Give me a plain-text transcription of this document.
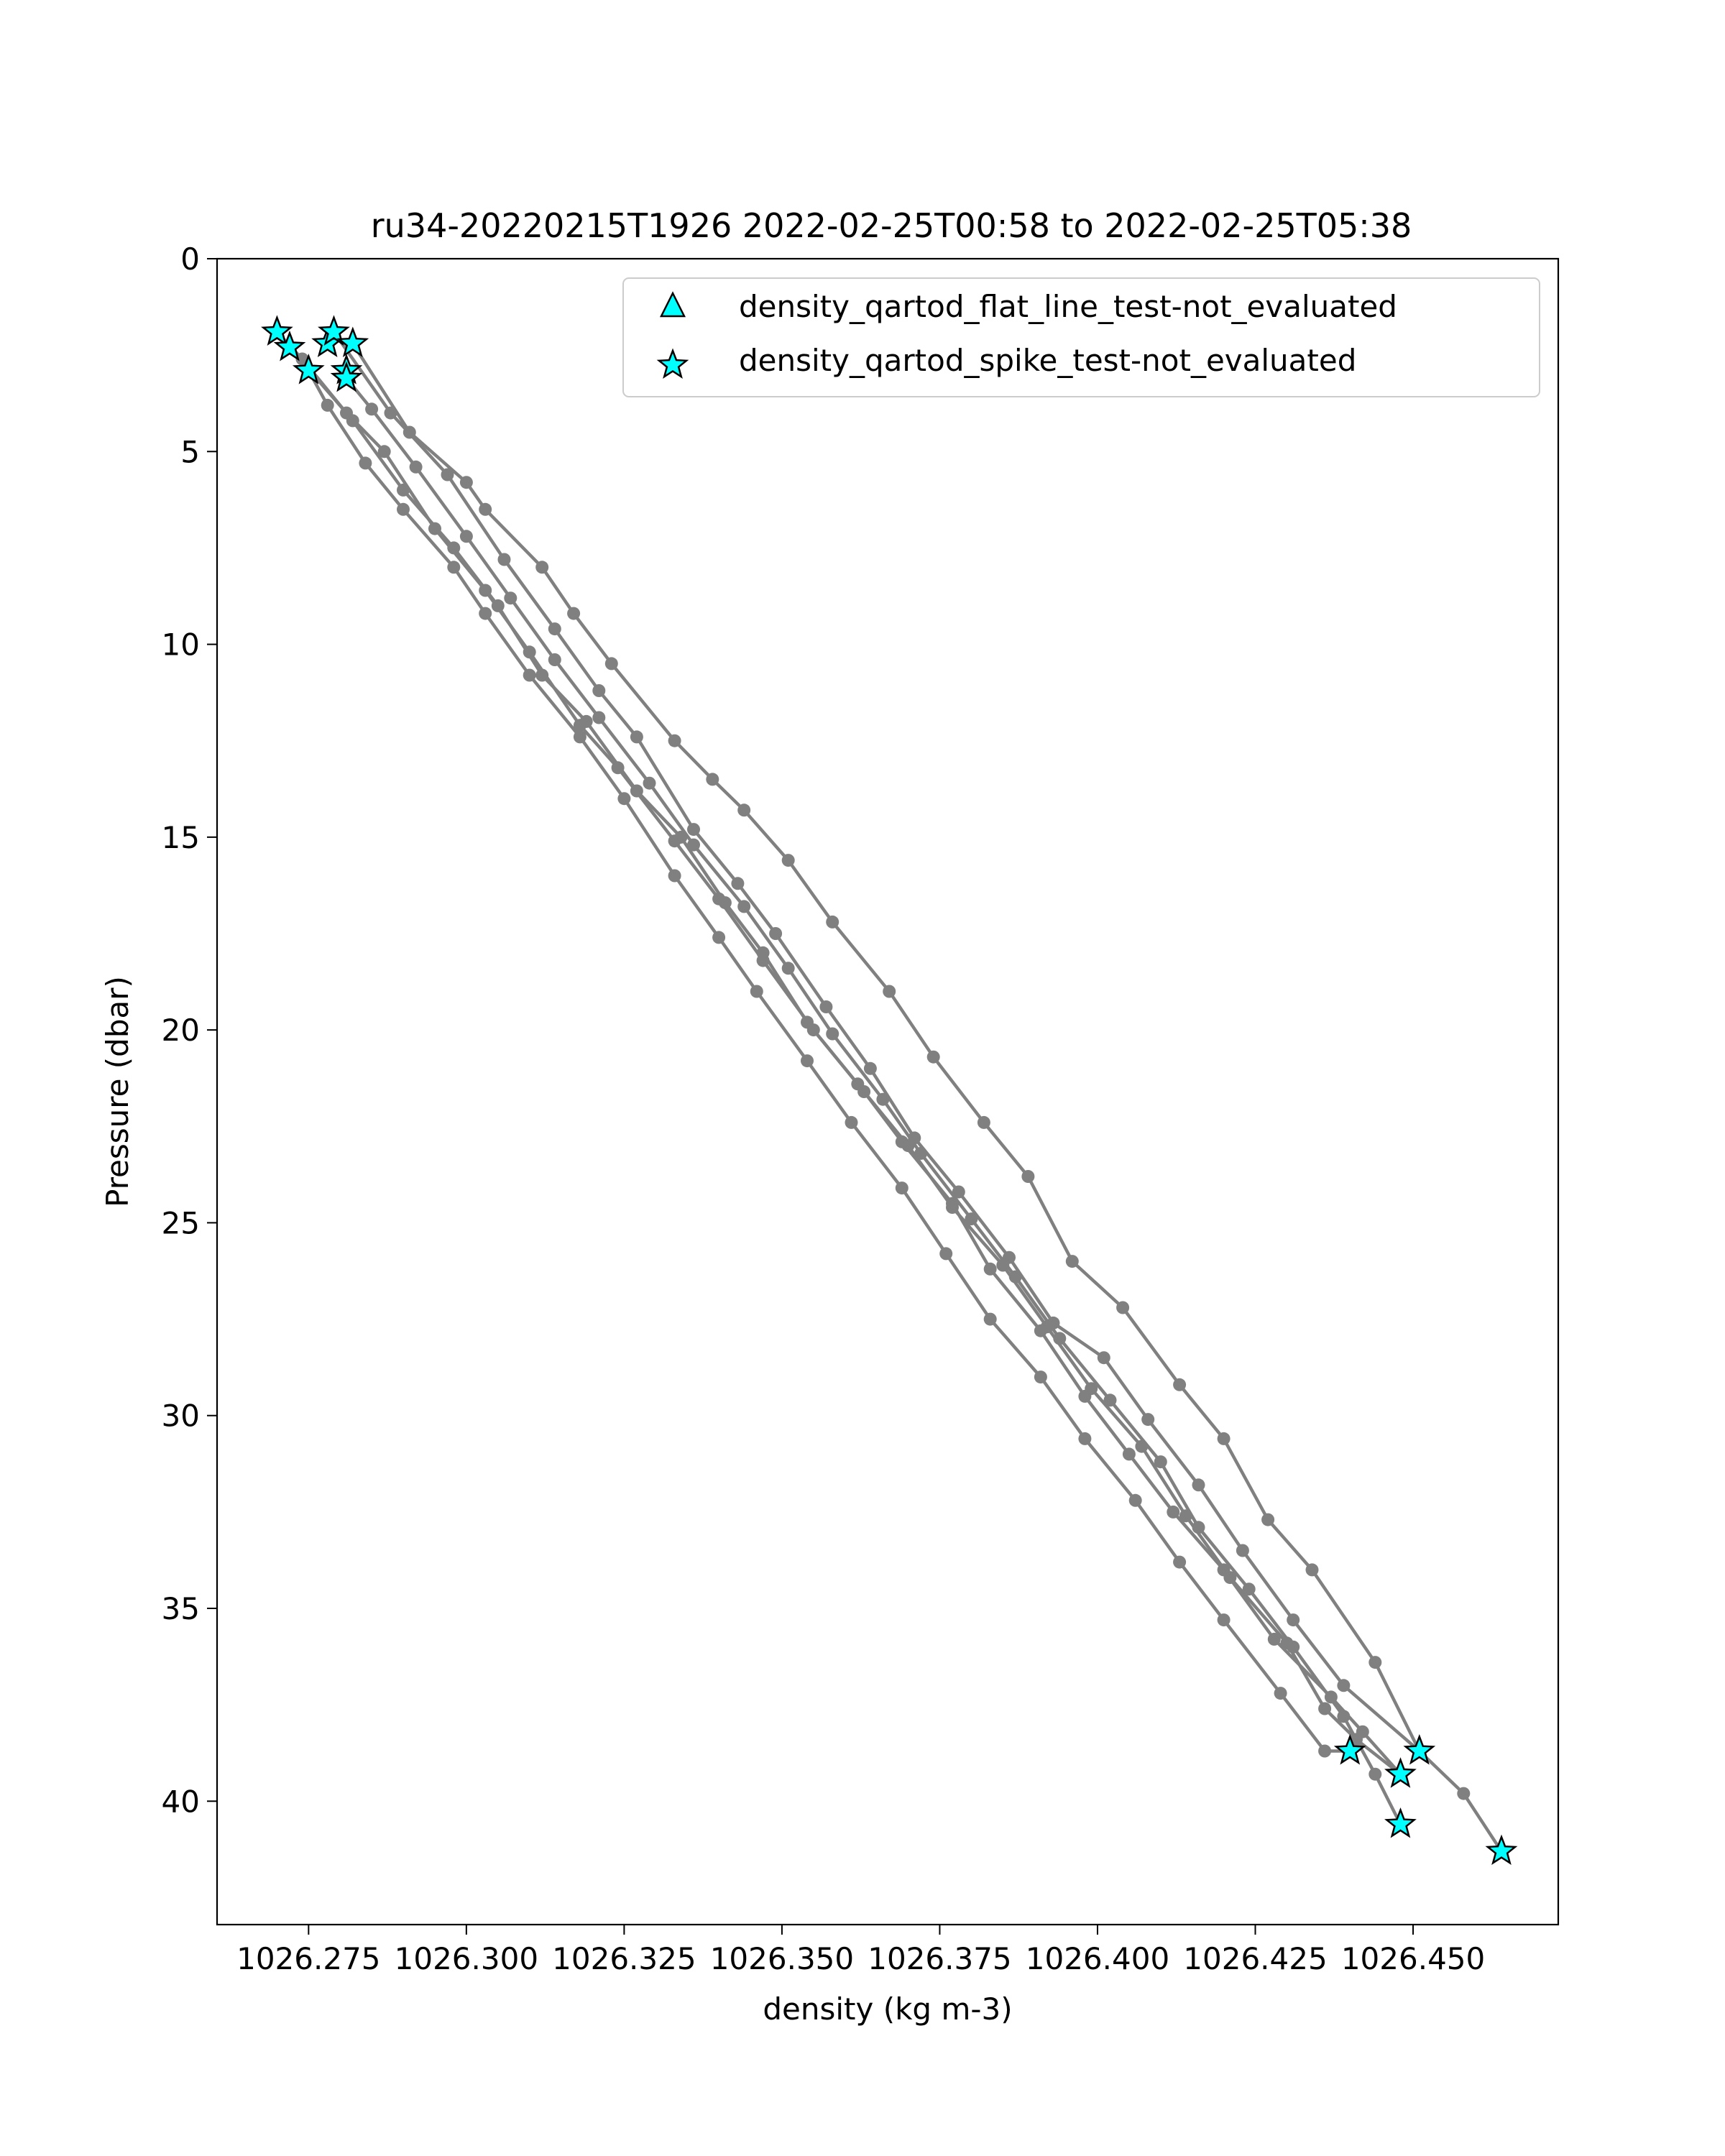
ru34-20220215T1926 2022-02-25T00:58 to 2022-02-25T05:38
1026.275 1026.300 1026.325 1026.350 1026.375 1026.400 1026.425 1026.450
0
5
10
15
20
25
30
35
40
density (kg m-3)
Pressure (dbar)
density_qartod_flat_line_test-not_evaluated
density_qartod_spike_test-not_evaluated
